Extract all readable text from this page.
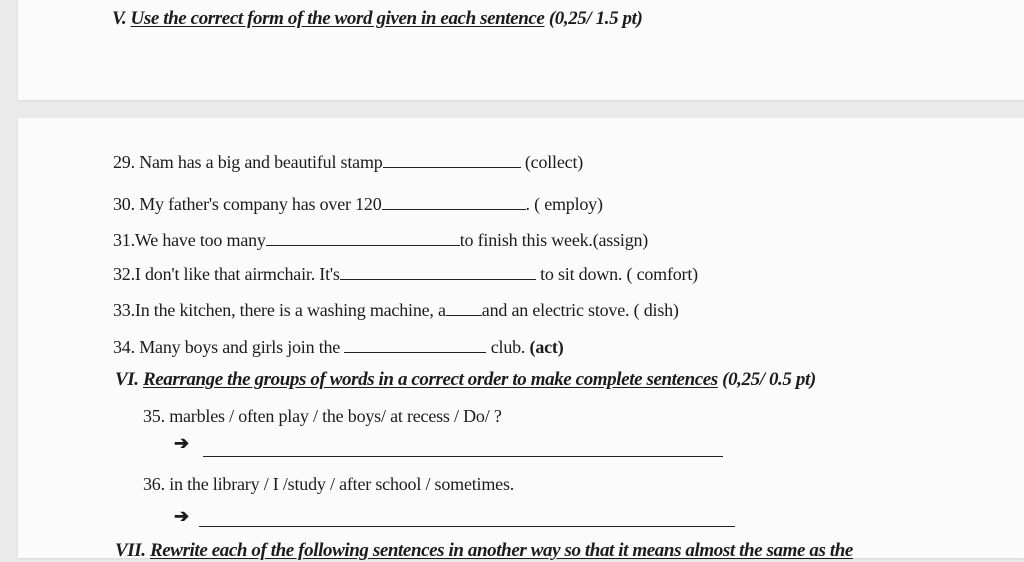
V. Use the correct form of the word given in each sentence (0,25/ 1.5 pt)
29. Nam has a big and beautiful stamp	(collect)
30. My father's company has over 120	. ( employ)
31.We have too many	to finish this week.(assign)
32.I don't like that airmchair. It's	to sit down. ( comfort)
33.In the kitchen, there is a washing machine, a and an electric stove. ( dish)
34. Many boys and girls join the	club. (act)
VI. Rearrange the groups of words in a correct order to make complete sentences (0,25/ 0.5 pt)
35. marbles / often play / the boys/ at recess / Do/ ?
➔
36. in the library / I /study / after school / sometimes.
➔
VII. Rewrite each of the following sentences in another way so that it means almost the same as the
